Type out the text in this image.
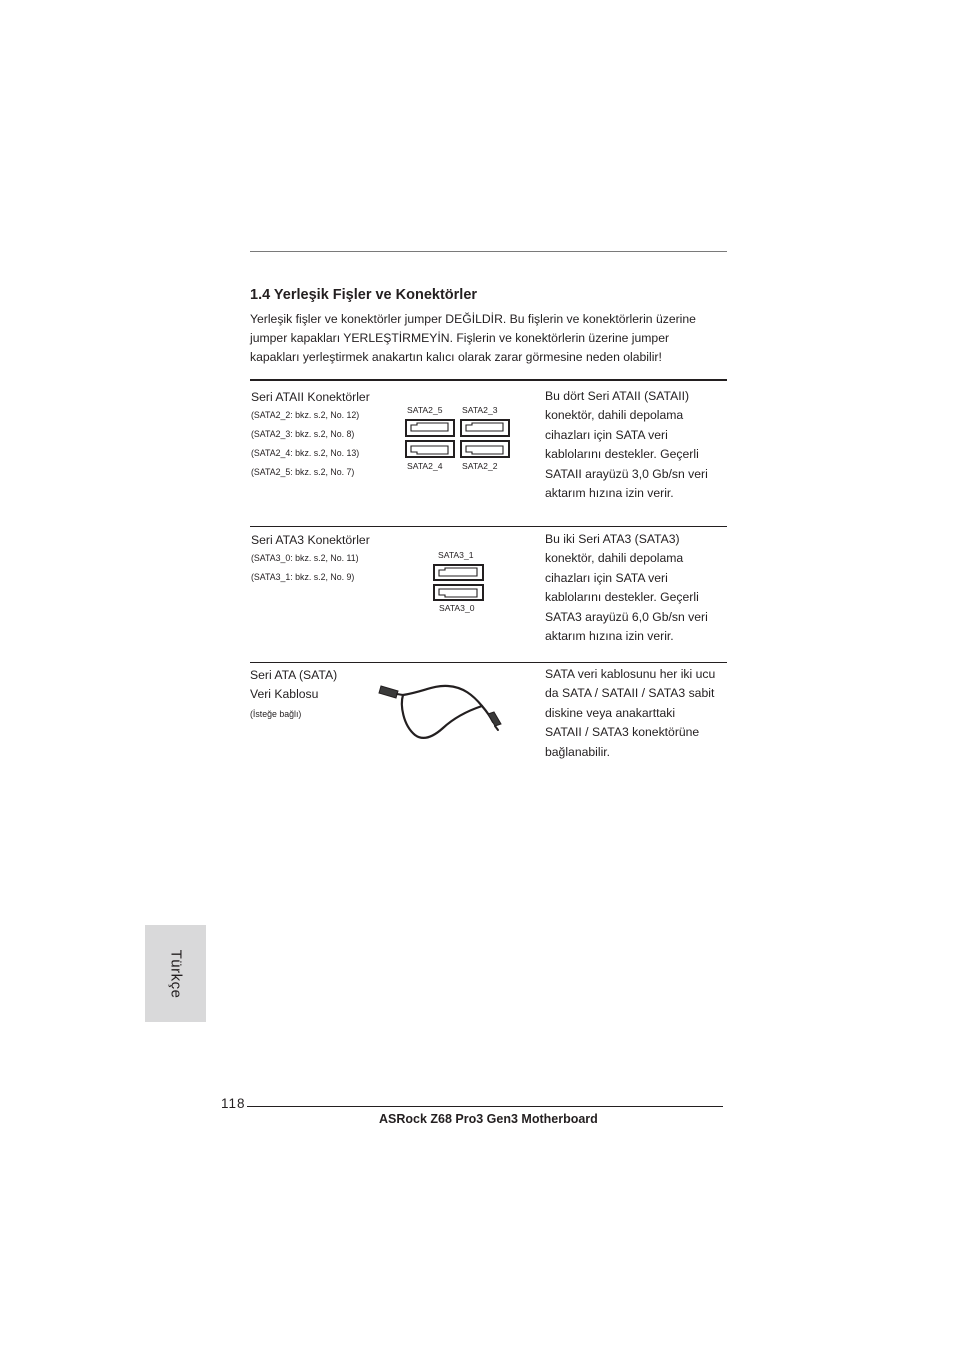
1.4 Yerleşik Fişler ve Konektörler
Yerleşik fişler ve konektörler jumper DEĞİLDİR. Bu fişlerin ve konektörlerin üzerine
jumper kapakları YERLEŞTİRMEYİN. Fişlerin ve konektörlerin üzerine jumper
kapakları yerleştirmek anakartın kalıcı olarak zarar görmesine neden olabilir!
Seri ATAII Konektörler
(SATA2_2: bkz. s.2, No. 12)
(SATA2_3: bkz. s.2, No. 8)
(SATA2_4: bkz. s.2, No. 13)
(SATA2_5: bkz. s.2, No. 7)
SATA2_5 SATA2_3
SATA2_4 SATA2_2
Bu dört Seri ATAII (SATAII)
konektör, dahili depolama
cihazları için SATA veri
kablolarını destekler. Geçerli
SATAII arayüzü 3,0 Gb/sn veri
aktarım hızına izin verir.
Seri ATA3 Konektörler
(SATA3_0: bkz. s.2, No. 11)
(SATA3_1: bkz. s.2, No. 9)
SATA3_1
SATA3_0
Bu iki Seri ATA3 (SATA3)
konektör, dahili depolama
cihazları için SATA veri
kablolarını destekler. Geçerli
SATA3 arayüzü 6,0 Gb/sn veri
aktarım hızına izin verir.
Seri ATA (SATA)
Veri Kablosu
(İsteğe bağlı)
SATA veri kablosunu her iki ucu
da SATA / SATAII / SATA3 sabit
diskine veya anakarttaki
SATAII / SATA3 konektörüne
bağlanabilir.
Türkçe
118
ASRock Z68 Pro3 Gen3 Motherboard
